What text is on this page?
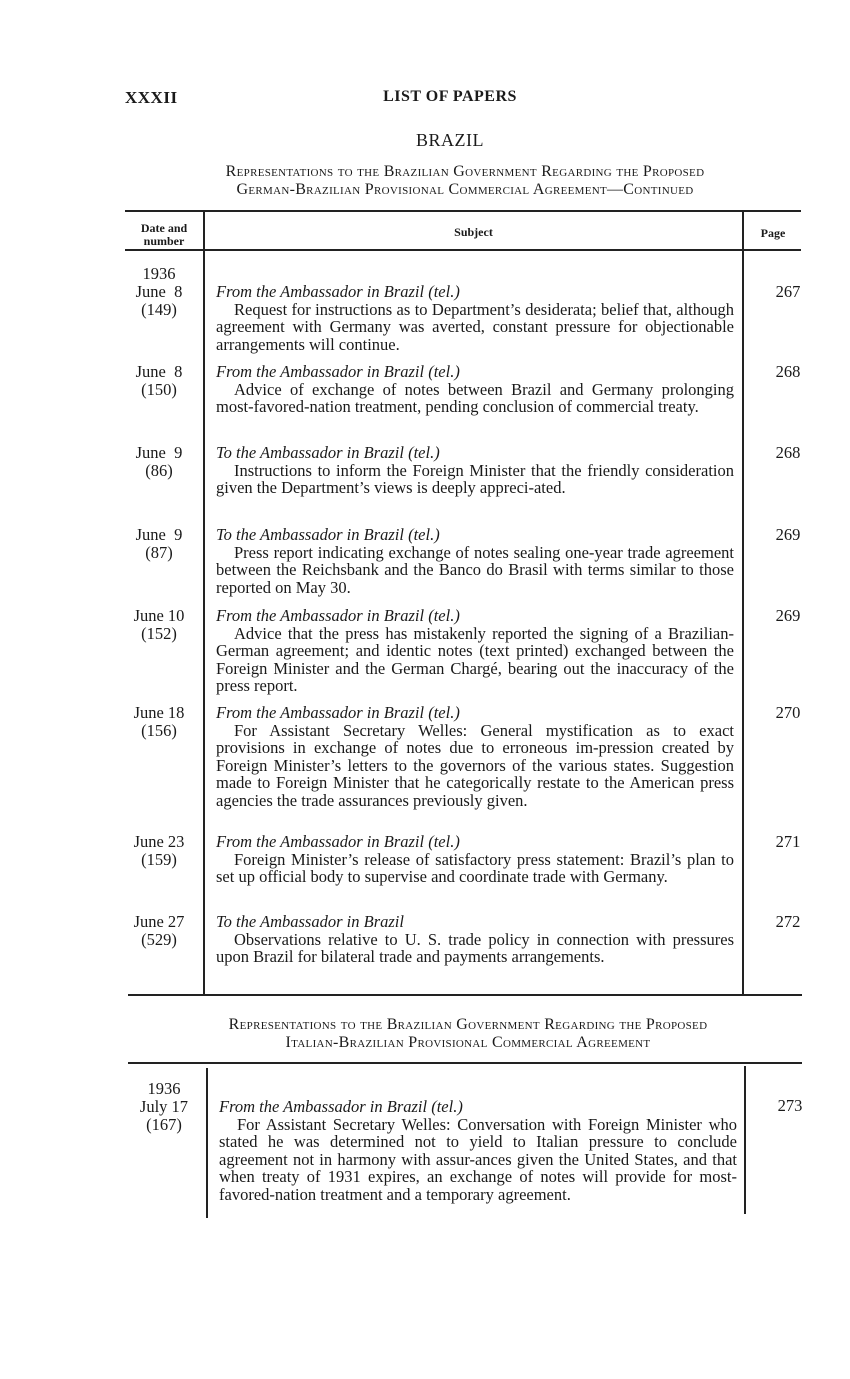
XXXII	LIST OF PAPERS
BRAZIL
Representations to the Brazilian Government Regarding the Proposed
German-Brazilian Provisional Commercial Agreement—Continued
Date and
number
Subject	Page
1936
June  8
(149)
From the Ambassador in Brazil (tel.)
Request for instructions as to Department’s desiderata; belief that, although agreement with Germany was averted, constant pressure for objectionable arrangements will continue.
267
June  8
(150)
From the Ambassador in Brazil (tel.)
Advice of exchange of notes between Brazil and Germany prolonging most-favored-nation treatment, pending conclusion of commercial treaty.
268
June  9
(86)
To the Ambassador in Brazil (tel.)
Instructions to inform the Foreign Minister that the friendly consideration given the Department’s views is deeply appreci-ated.
268
June  9
(87)
To the Ambassador in Brazil (tel.)
Press report indicating exchange of notes sealing one-year trade agreement between the Reichsbank and the Banco do Brasil with terms similar to those reported on May 30.
269
June 10
(152)
From the Ambassador in Brazil (tel.)
Advice that the press has mistakenly reported the signing of a Brazilian-German agreement; and identic notes (text printed) exchanged between the Foreign Minister and the German Chargé, bearing out the inaccuracy of the press report.
269
June 18
(156)
From the Ambassador in Brazil (tel.)
For Assistant Secretary Welles: General mystification as to exact provisions in exchange of notes due to erroneous im-pression created by Foreign Minister’s letters to the governors of the various states. Suggestion made to Foreign Minister that he categorically restate to the American press agencies the trade assurances previously given.
270
June 23
(159)
From the Ambassador in Brazil (tel.)
Foreign Minister’s release of satisfactory press statement: Brazil’s plan to set up official body to supervise and coordinate trade with Germany.
271
June 27
(529)
To the Ambassador in Brazil
Observations relative to U. S. trade policy in connection with pressures upon Brazil for bilateral trade and payments arrangements.
272
Representations to the Brazilian Government Regarding the Proposed
Italian-Brazilian Provisional Commercial Agreement
1936
July 17
(167)
From the Ambassador in Brazil (tel.)
For Assistant Secretary Welles: Conversation with Foreign Minister who stated he was determined not to yield to Italian pressure to conclude agreement not in harmony with assur-ances given the United States, and that when treaty of 1931 expires, an exchange of notes will provide for most-favored-nation treatment and a temporary agreement.
273
